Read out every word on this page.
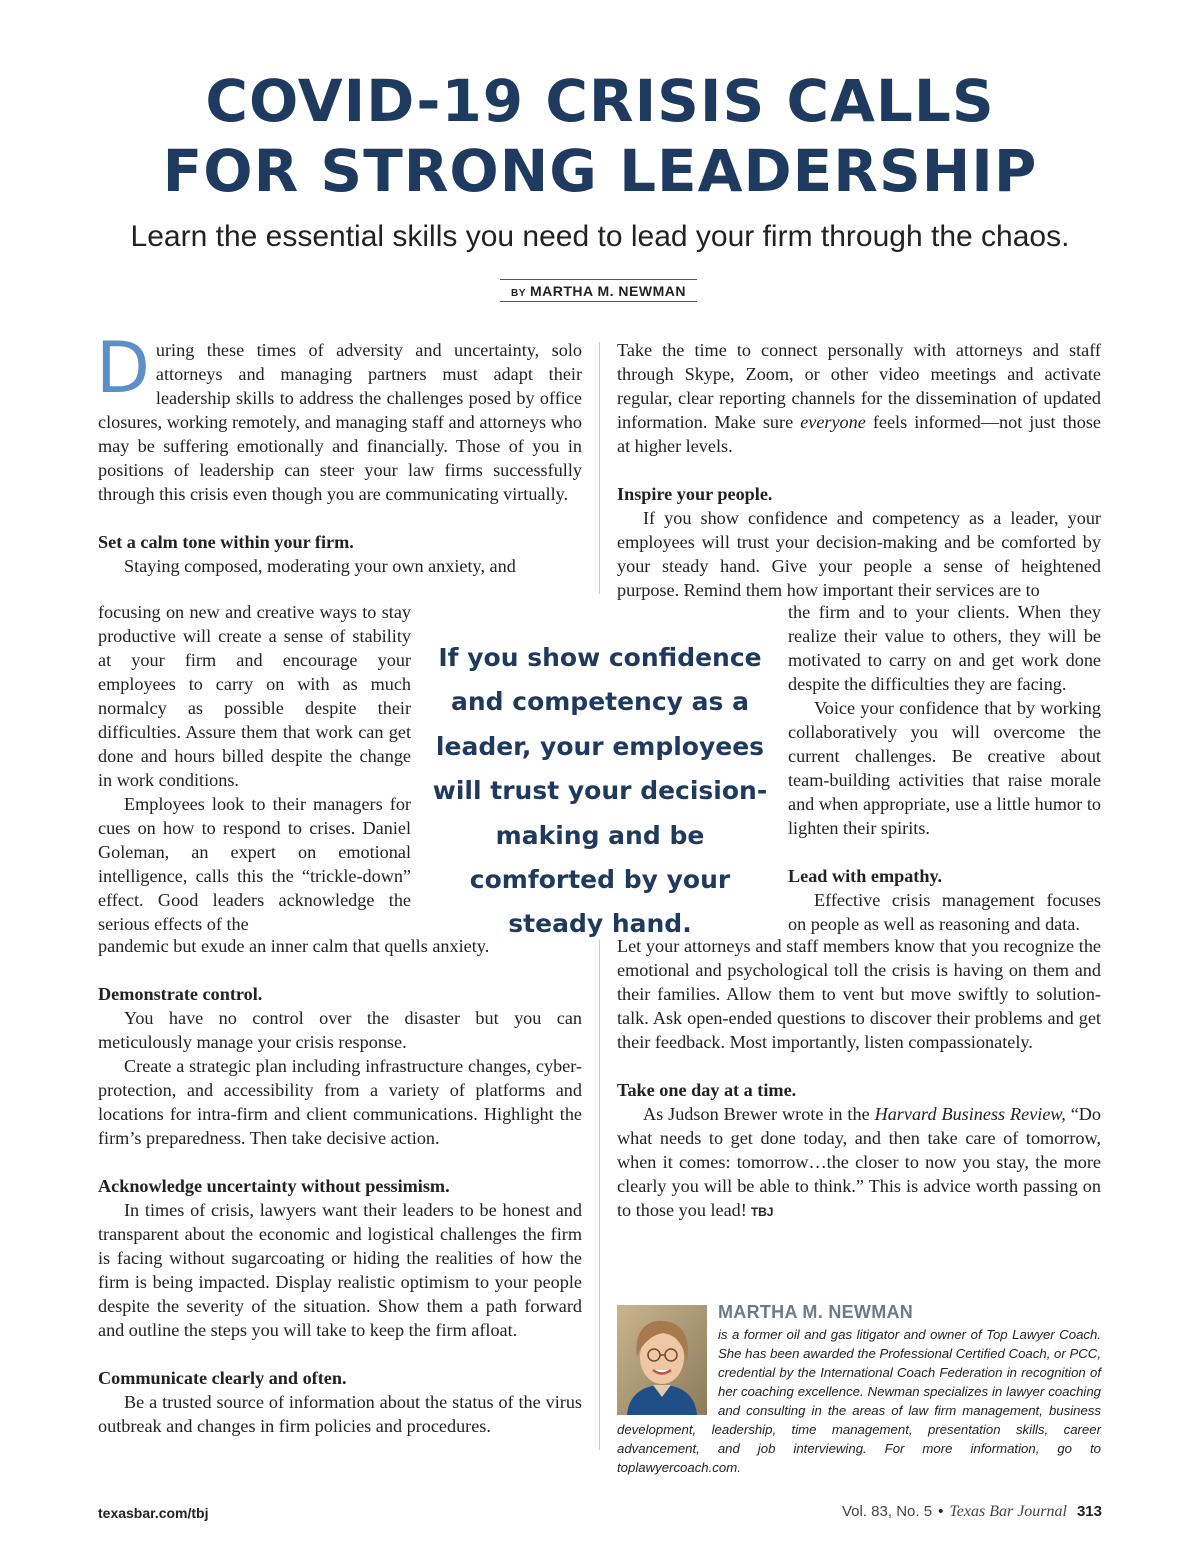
COVID-19 CRISIS CALLS
FOR STRONG LEADERSHIP

Learn the essential skills you need to lead your firm through the chaos.

BY MARTHA M. NEWMAN

During these times of adversity and uncertainty, solo attorneys and managing partners must adapt their leadership skills to address the challenges posed by office closures, working remotely, and managing staff and attorneys who may be suffering emotionally and financially. Those of you in positions of leadership can steer your law firms successfully through this crisis even though you are communicating virtually.

Set a calm tone within your firm.

Staying composed, moderating your own anxiety, and

focusing on new and creative ways to stay productive will create a sense of stability at your firm and encourage your employees to carry on with as much normalcy as possible despite their difficulties. Assure them that work can get done and hours billed despite the change in work conditions.

Employees look to their managers for cues on how to respond to crises. Daniel Goleman, an expert on emotional intelligence, calls this the “trickle-down” effect. Good leaders acknowledge the serious effects of the

pandemic but exude an inner calm that quells anxiety.

Demonstrate control.

You have no control over the disaster but you can meticulously manage your crisis response.

Create a strategic plan including infrastructure changes, cyber-protection, and accessibility from a variety of platforms and locations for intra-firm and client communications. Highlight the firm’s preparedness. Then take decisive action.

Acknowledge uncertainty without pessimism.

In times of crisis, lawyers want their leaders to be honest and transparent about the economic and logistical challenges the firm is facing without sugarcoating or hiding the realities of how the firm is being impacted. Display realistic optimism to your people despite the severity of the situation. Show them a path forward and outline the steps you will take to keep the firm afloat.

Communicate clearly and often.

Be a trusted source of information about the status of the virus outbreak and changes in firm policies and procedures.

Take the time to connect personally with attorneys and staff through Skype, Zoom, or other video meetings and activate regular, clear reporting channels for the dissemination of updated information. Make sure everyone feels informed—not just those at higher levels.

Inspire your people.

If you show confidence and competency as a leader, your employees will trust your decision-making and be comforted by your steady hand. Give your people a sense of heightened purpose. Remind them how important their services are to

the firm and to your clients. When they realize their value to others, they will be motivated to carry on and get work done despite the difficulties they are facing.

Voice your confidence that by working collaboratively you will overcome the current challenges. Be creative about team-building activities that raise morale and when appropriate, use a little humor to lighten their spirits.

Lead with empathy.

Effective crisis management focuses on people as well as reasoning and data.

Let your attorneys and staff members know that you recognize the emotional and psychological toll the crisis is having on them and their families. Allow them to vent but move swiftly to solution-talk. Ask open-ended questions to discover their problems and get their feedback. Most importantly, listen compassionately.

Take one day at a time.

As Judson Brewer wrote in the Harvard Business Review, “Do what needs to get done today, and then take care of tomorrow, when it comes: tomorrow…the closer to now you stay, the more clearly you will be able to think.” This is advice worth passing on to those you lead! TBJ

If you show confidence and competency as a leader, your employees will trust your decision-making and be comforted by your steady hand.

MARTHA M. NEWMAN

is a former oil and gas litigator and owner of Top Lawyer Coach. She has been awarded the Professional Certified Coach, or PCC, credential by the International Coach Federation in recognition of her coaching excellence. Newman specializes in lawyer coaching and consulting in the areas of law firm management, business development, leadership, time management, presentation skills, career advancement, and job interviewing. For more information, go to toplawyercoach.com.

texasbar.com/tbj	Vol. 83, No. 5 • Texas Bar Journal 313
